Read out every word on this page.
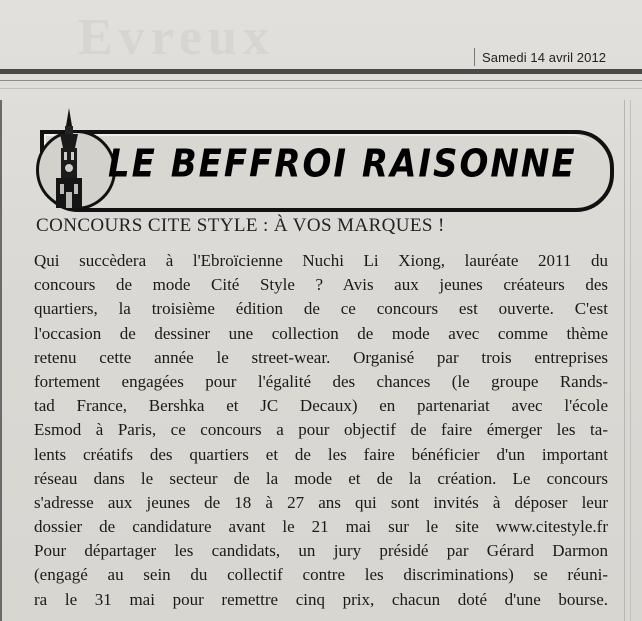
Evreux	Samedi 14 avril 2012
LE BEFFROI RAISONNE
CONCOURS CITE STYLE : À VOS MARQUES !
Qui succèdera à l'Ebroïcienne Nuchi Li Xiong, lauréate 2011 du
concours de mode Cité Style ? Avis aux jeunes créateurs des
quartiers, la troisième édition de ce concours est ouverte. C'est
l'occasion de dessiner une collection de mode avec comme thème
retenu cette année le street-wear. Organisé par trois entreprises
fortement engagées pour l'égalité des chances (le groupe Rands-
tad France, Bershka et JC Decaux) en partenariat avec l'école
Esmod à Paris, ce concours a pour objectif de faire émerger les ta-
lents créatifs des quartiers et de les faire bénéficier d'un important
réseau dans le secteur de la mode et de la création. Le concours
s'adresse aux jeunes de 18 à 27 ans qui sont invités à déposer leur
dossier de candidature avant le 21 mai sur le site www.citestyle.fr
Pour départager les candidats, un jury présidé par Gérard Darmon
(engagé au sein du collectif contre les discriminations) se réuni-
ra le 31 mai pour remettre cinq prix, chacun doté d'une bourse.
